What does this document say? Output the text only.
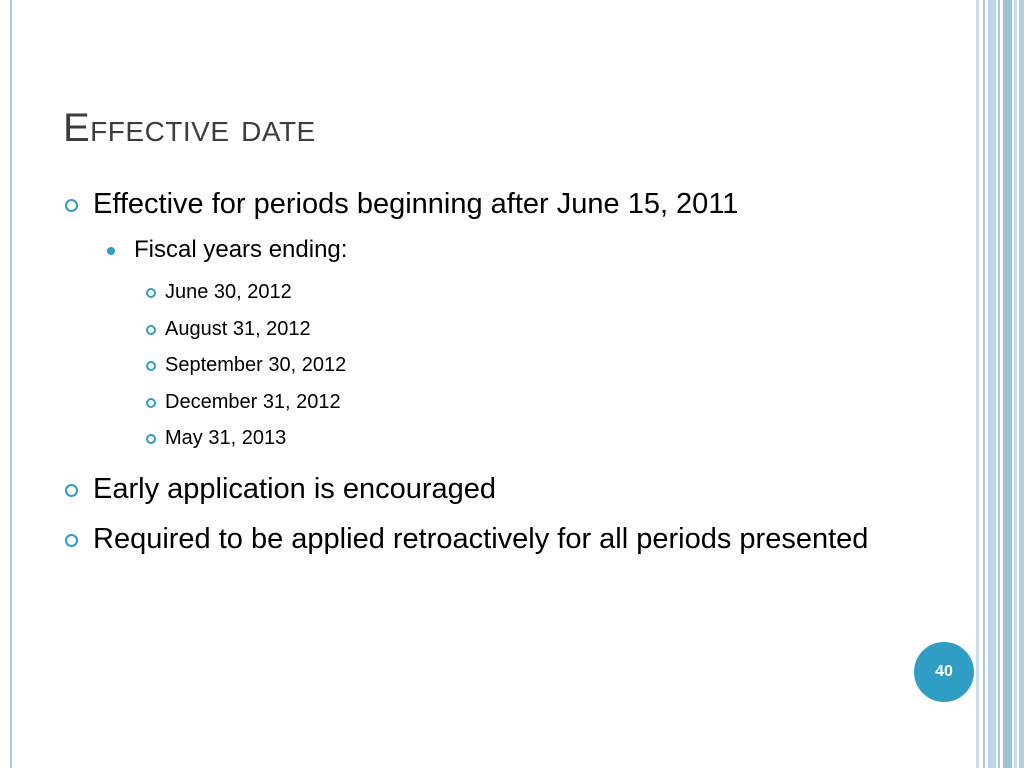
Effective date
Effective for periods beginning after June 15, 2011
Fiscal years ending:
June 30, 2012
August 31, 2012
September 30, 2012
December 31, 2012
May 31, 2013
Early application is encouraged
Required to be applied retroactively for all periods presented
40
